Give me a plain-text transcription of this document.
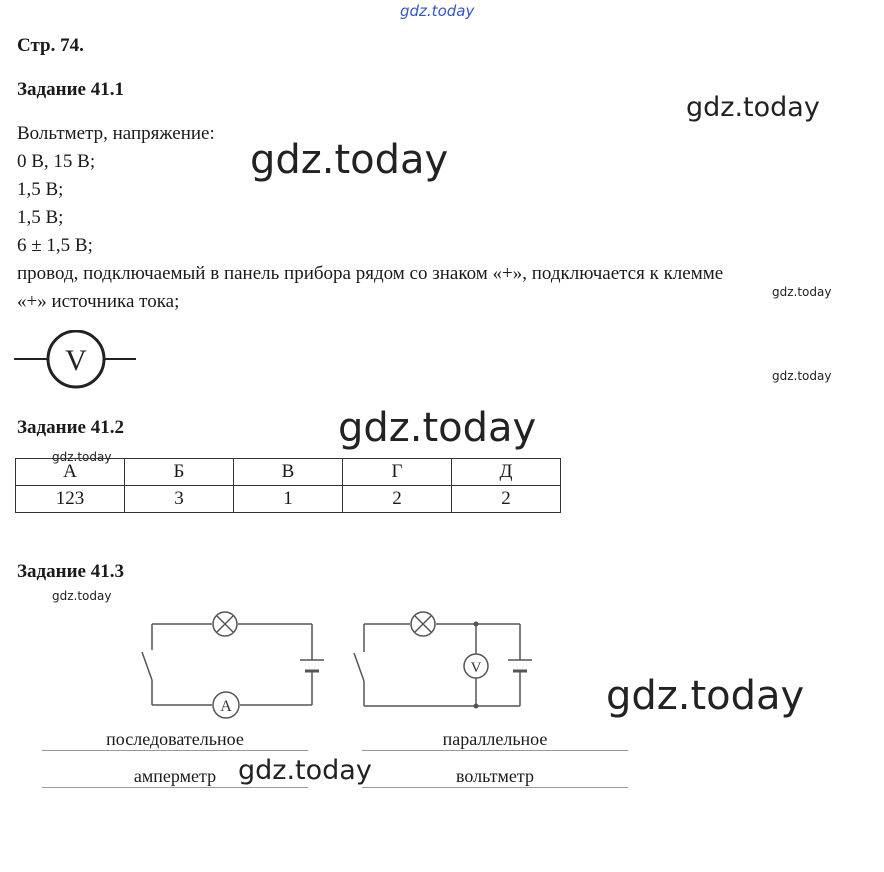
gdz.today
gdz.today
gdz.today
gdz.today
gdz.today
gdz.today
gdz.today
gdz.today
gdz.today
Стр. 74.
Задание 41.1
Вольтметр, напряжение:
0 В, 15 В;
1,5 В;
1,5 В;
6 ± 1,5 В;
провод, подключаемый в панель прибора рядом со знаком «+», подключается к клемме
«+» источника тока;
V
Задание 41.2
А	Б	В	Г	Д
123	3	1	2	2
Задание 41.3
A
V
последовательное	параллельное
амперметр	вольтметр
gdz.today
